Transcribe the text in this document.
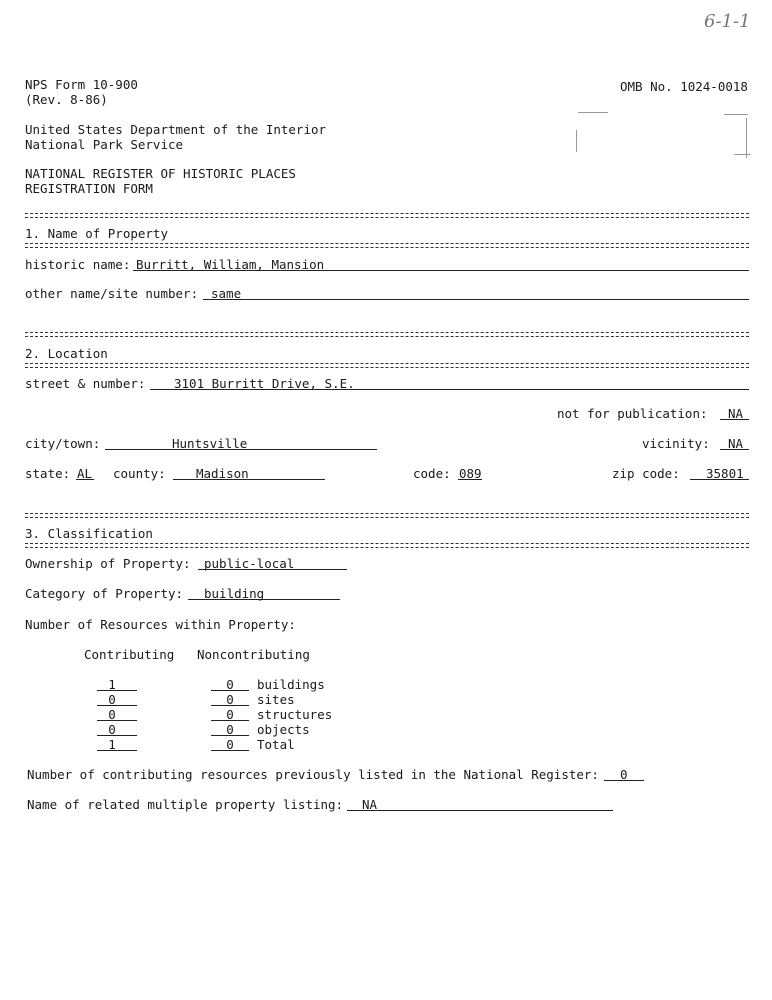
6-1-1
NPS Form 10-900
(Rev. 8-86)
OMB No. 1024-0018
United States Department of the Interior
National Park Service
NATIONAL REGISTER OF HISTORIC PLACES
REGISTRATION FORM
1. Name of Property
historic name: Burritt, William, Mansion
other name/site number: same
2. Location
street & number: 3101 Burritt Drive, S.E.
not for publication: NA
city/town:	Huntsville	vicinity: NA
state: AL county: Madison	code: 089	zip code: 35801
3. Classification
Ownership of Property: public-local
Category of Property: building
Number of Resources within Property:
Contributing Noncontributing
1	0	buildings
0	0	sites
0	0	structures
0	0	objects
1	0	Total
Number of contributing resources previously listed in the National Register: 0
Name of related multiple property listing: NA
